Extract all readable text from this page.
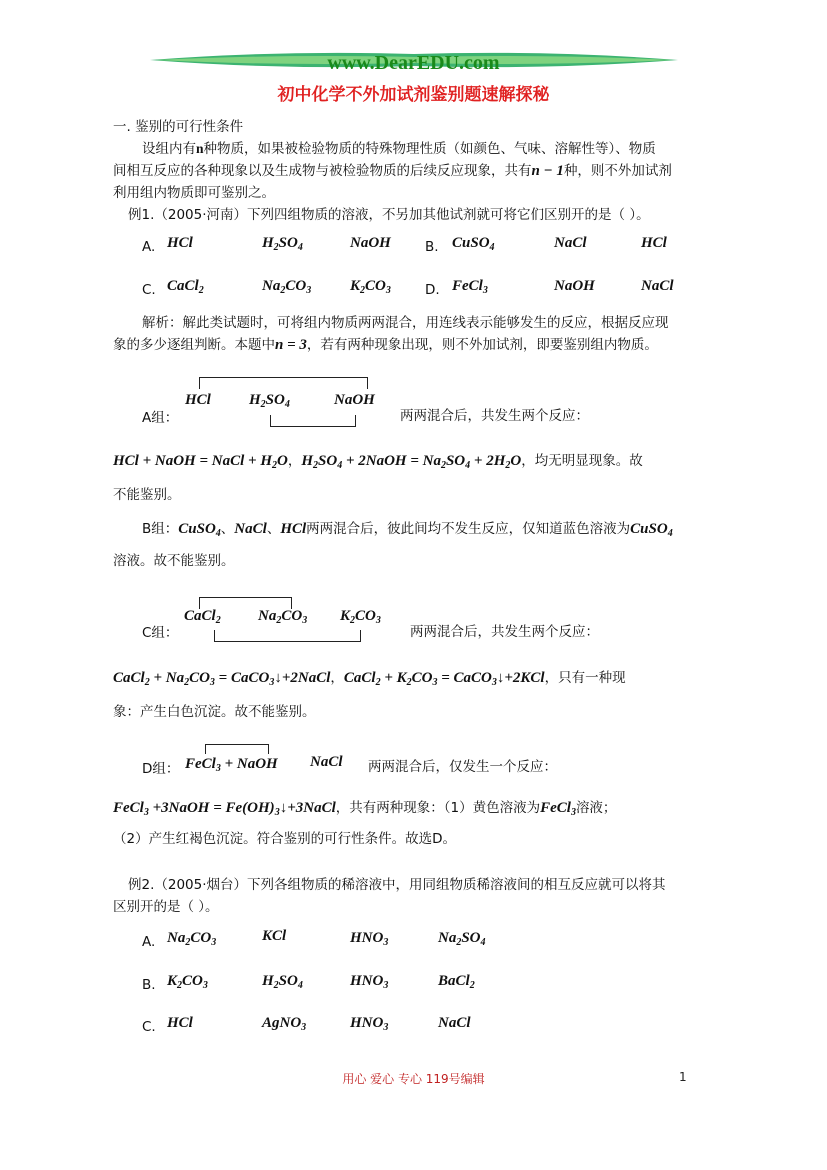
www.DearEDU.com
初中化学不外加试剂鉴别题速解探秘
一. 鉴别的可行性条件
设组内有n种物质，如果被检验物质的特殊物理性质（如颜色、气味、溶解性等）、物质
间相互反应的各种现象以及生成物与被检验物质的后续反应现象，共有n − 1种，则不外加试剂
利用组内物质即可鉴别之。
例1.（2005·河南）下列四组物质的溶液，不另加其他试剂就可将它们区别开的是（ ）。
A. HCl	$H_2SO_4$	NaOH	B. CuSO$_4$	NaCl	HCl
C. CaCl$_2$	$Na_2CO_3$	$K_2CO_3$	D. FeCl$_3$	NaOH	NaCl
解析：解此类试题时，可将组内物质两两混合，用连线表示能够发生的反应，根据反应现
象的多少逐组判断。本题中n = 3，若有两种现象出现，则不外加试剂，即要鉴别组内物质。
HCl	$H_2SO_4$	NaOH
A组：	两两混合后，共发生两个反应：
HCl + NaOH = NaCl + $H_2O$，$H_2SO_4$ + 2NaOH = $Na_2SO_4 + 2H_2O$，均无明显现象。故
不能鉴别。
B组：CuSO$_4$、NaCl、HCl两两混合后，彼此间均不发生反应，仅知道蓝色溶液为CuSO$_4$
溶液。故不能鉴别。
CaCl$_2$ $Na_2CO_3$ $K_2CO_3$
C组：	两两混合后，共发生两个反应：
CaCl$_2$ + $Na_2CO_3$ = CaCO$_3$↓+2NaCl，CaCl$_2$ + $K_2CO_3$ = CaCO$_3$↓+2KCl，只有一种现
象：产生白色沉淀。故不能鉴别。
D组： FeCl$_3$ + NaOH NaCl 两两混合后，仅发生一个反应：
FeCl$_3$ +3NaOH = $Fe(OH)_3↓+3NaCl$，共有两种现象：（1）黄色溶液为FeCl$_3$溶液；
（2）产生红褐色沉淀。符合鉴别的可行性条件。故选D。
例2.（2005·烟台）下列各组物质的稀溶液中，用同组物质稀溶液间的相互反应就可以将其
区别开的是（ ）。
A. $Na_2CO_3$	KCl	$HNO_3$	$Na_2SO_4$
B. $K_2CO_3$	$H_2SO_4$	$HNO_3$	BaCl$_2$
C. HCl	AgNO$_3$	$HNO_3$	NaCl
用心 爱心 专心 119号编辑	1
